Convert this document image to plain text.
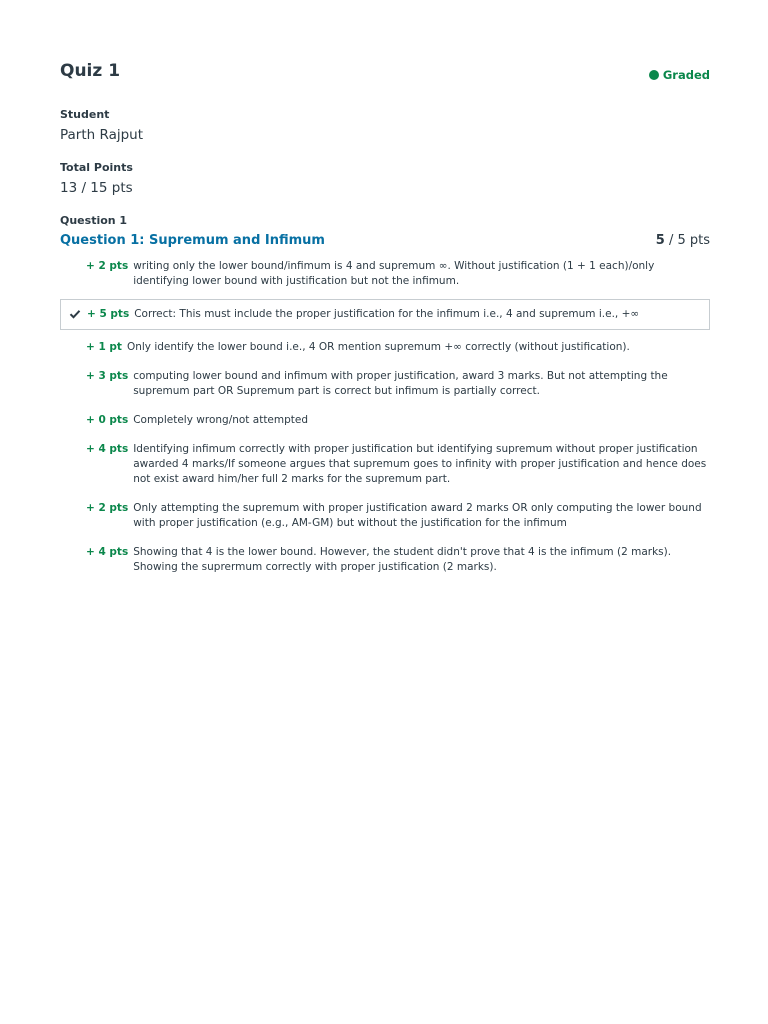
Quiz 1	Graded
Student
Parth Rajput
Total Points
13 / 15 pts
Question 1
Question 1: Supremum and Infimum	5 / 5 pts
+ 2 pts writing only the lower bound/infimum is 4 and supremum ∞. Without justification (1 + 1 each)/only identifying lower bound with justification but not the infimum.
+ 5 pts Correct: This must include the proper justification for the infimum i.e., 4 and supremum i.e., +∞
+ 1 pt Only identify the lower bound i.e., 4 OR mention supremum +∞ correctly (without justification).
+ 3 pts computing lower bound and infimum with proper justification, award 3 marks. But not attempting the supremum part OR Supremum part is correct but infimum is partially correct.
+ 0 pts Completely wrong/not attempted
+ 4 pts Identifying infimum correctly with proper justification but identifying supremum without proper justification awarded 4 marks/If someone argues that supremum goes to infinity with proper justification and hence does not exist award him/her full 2 marks for the supremum part.
+ 2 pts Only attempting the supremum with proper justification award 2 marks OR only computing the lower bound with proper justification (e.g., AM-GM) but without the justification for the infimum
+ 4 pts Showing that 4 is the lower bound. However, the student didn't prove that 4 is the infimum (2 marks). Showing the suprermum correctly with proper justification (2 marks).
